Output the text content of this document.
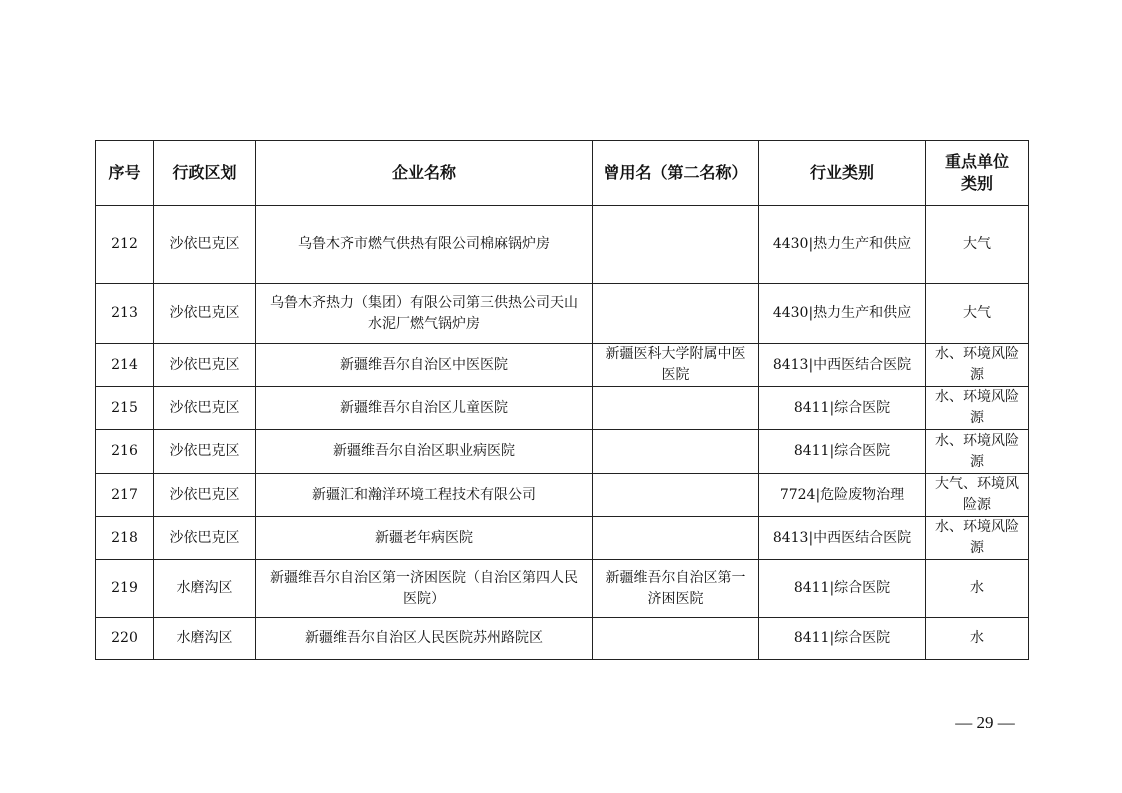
序号	行政区划	企业名称	曾用名（第二名称）	行业类别	重点单位类别
212	沙依巴克区	乌鲁木齐市燃气供热有限公司棉麻锅炉房		4430|热力生产和供应	大气
213	沙依巴克区	乌鲁木齐热力（集团）有限公司第三供热公司天山水泥厂燃气锅炉房		4430|热力生产和供应	大气
214	沙依巴克区	新疆维吾尔自治区中医医院	新疆医科大学附属中医医院	8413|中西医结合医院	水、环境风险源
215	沙依巴克区	新疆维吾尔自治区儿童医院		8411|综合医院	水、环境风险源
216	沙依巴克区	新疆维吾尔自治区职业病医院		8411|综合医院	水、环境风险源
217	沙依巴克区	新疆汇和瀚洋环境工程技术有限公司		7724|危险废物治理	大气、环境风险源
218	沙依巴克区	新疆老年病医院		8413|中西医结合医院	水、环境风险源
219	水磨沟区	新疆维吾尔自治区第一济困医院（自治区第四人民医院）	新疆维吾尔自治区第一济困医院	8411|综合医院	水
220	水磨沟区	新疆维吾尔自治区人民医院苏州路院区		8411|综合医院	水
— 29 —
